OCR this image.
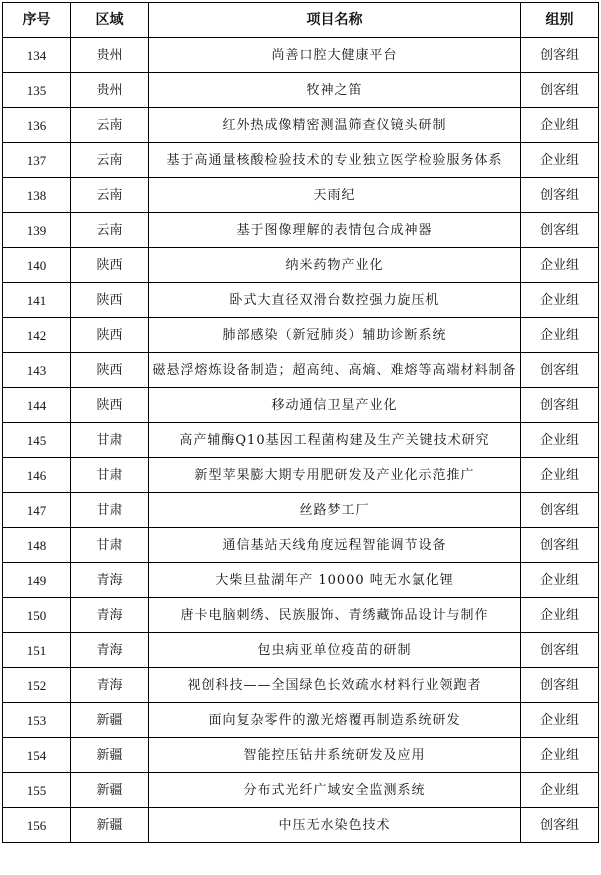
序号	区域	项目名称	组别
134	贵州	尚善口腔大健康平台	创客组
135	贵州	牧神之笛	创客组
136	云南	红外热成像精密测温筛查仪镜头研制	企业组
137	云南	基于高通量核酸检验技术的专业独立医学检验服务体系	企业组
138	云南	天雨纪	创客组
139	云南	基于图像理解的表情包合成神器	创客组
140	陕西	纳米药物产业化	企业组
141	陕西	卧式大直径双滑台数控强力旋压机	企业组
142	陕西	肺部感染（新冠肺炎）辅助诊断系统	企业组
143	陕西	磁悬浮熔炼设备制造；超高纯、高熵、难熔等高端材料制备	创客组
144	陕西	移动通信卫星产业化	创客组
145	甘肃	高产辅酶Q10基因工程菌构建及生产关键技术研究	企业组
146	甘肃	新型苹果膨大期专用肥研发及产业化示范推广	企业组
147	甘肃	丝路梦工厂	创客组
148	甘肃	通信基站天线角度远程智能调节设备	创客组
149	青海	大柴旦盐湖年产 10000 吨无水氯化锂	企业组
150	青海	唐卡电脑刺绣、民族服饰、青绣藏饰品设计与制作	企业组
151	青海	包虫病亚单位疫苗的研制	创客组
152	青海	视创科技——全国绿色长效疏水材料行业领跑者	创客组
153	新疆	面向复杂零件的激光熔覆再制造系统研发	企业组
154	新疆	智能控压钻井系统研发及应用	企业组
155	新疆	分布式光纤广域安全监测系统	企业组
156	新疆	中压无水染色技术	创客组
